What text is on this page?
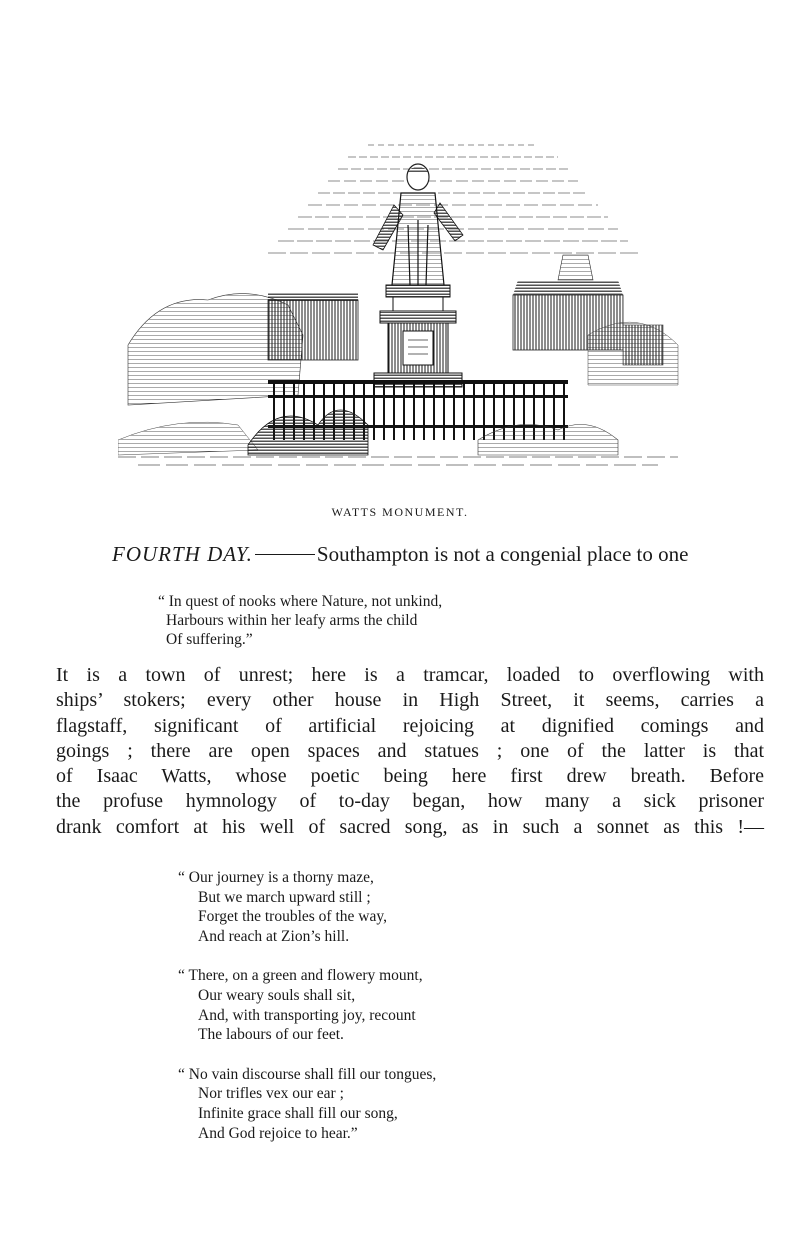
WATTS MONUMENT.
FOURTH DAY.	Southampton is not a congenial place to one
“ In quest of nooks where Nature, not unkind,
Harbours within her leafy arms the child
Of suffering.”
It is a town of unrest; here is a tramcar, loaded to overflowing with
ships’ stokers; every other house in High Street, it seems, carries a
flagstaff, significant of artificial rejoicing at dignified comings and
goings ; there are open spaces and statues ; one of the latter is that
of Isaac Watts, whose poetic being here first drew breath. Before
the profuse hymnology of to-day began, how many a sick prisoner
drank comfort at his well of sacred song, as in such a sonnet as this !—
“ Our journey is a thorny maze,
But we march upward still ;
Forget the troubles of the way,
And reach at Zion’s hill.
“ There, on a green and flowery mount,
Our weary souls shall sit,
And, with transporting joy, recount
The labours of our feet.
“ No vain discourse shall fill our tongues,
Nor trifles vex our ear ;
Infinite grace shall fill our song,
And God rejoice to hear.”
